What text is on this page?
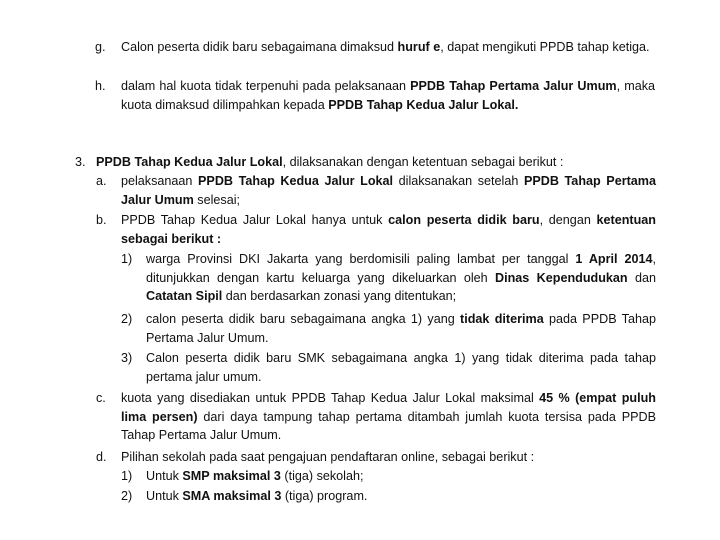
g. Calon peserta didik baru sebagaimana dimaksud huruf e, dapat mengikuti PPDB tahap ketiga.
h. dalam hal kuota tidak terpenuhi pada pelaksanaan PPDB Tahap Pertama Jalur Umum, maka kuota dimaksud dilimpahkan kepada PPDB Tahap Kedua Jalur Lokal.
3. PPDB Tahap Kedua Jalur Lokal, dilaksanakan dengan ketentuan sebagai berikut :
a. pelaksanaan PPDB Tahap Kedua Jalur Lokal dilaksanakan setelah PPDB Tahap Pertama Jalur Umum selesai;
b. PPDB Tahap Kedua Jalur Lokal hanya untuk calon peserta didik baru, dengan ketentuan sebagai berikut :
1) warga Provinsi DKI Jakarta yang berdomisili paling lambat per tanggal 1 April 2014, ditunjukkan dengan kartu keluarga yang dikeluarkan oleh Dinas Kependudukan dan Catatan Sipil dan berdasarkan zonasi yang ditentukan;
2) calon peserta didik baru sebagaimana angka 1) yang tidak diterima pada PPDB Tahap Pertama Jalur Umum.
3) Calon peserta didik baru SMK sebagaimana angka 1) yang tidak diterima pada tahap pertama jalur umum.
c. kuota yang disediakan untuk PPDB Tahap Kedua Jalur Lokal maksimal 45 % (empat puluh lima persen) dari daya tampung tahap pertama ditambah jumlah kuota tersisa pada PPDB Tahap Pertama Jalur Umum.
d. Pilihan sekolah pada saat pengajuan pendaftaran online, sebagai berikut :
1) Untuk SMP maksimal 3 (tiga) sekolah;
2) Untuk SMA maksimal 3 (tiga) program.
